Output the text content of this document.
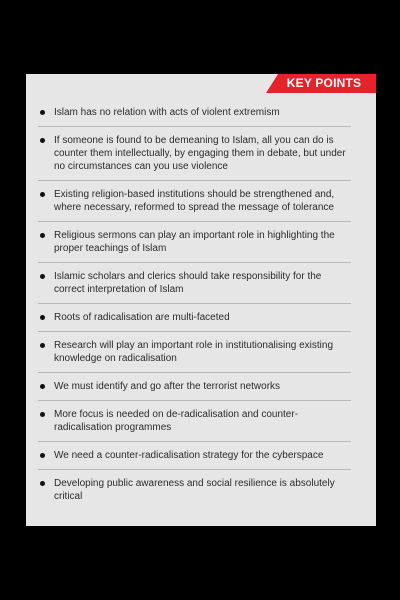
KEY POINTS
Islam has no relation with acts of violent extremism
If someone is found to be demeaning to Islam, all you can do is counter them intellectually, by engaging them in debate, but under no circumstances can you use violence
Existing religion-based institutions should be strengthened and, where necessary, reformed to spread the message of tolerance
Religious sermons can play an important role in highlighting the proper teachings of Islam
Islamic scholars and clerics should take responsibility for the correct interpretation of Islam
Roots of radicalisation are multi-faceted
Research will play an important role in institutionalising existing knowledge on radicalisation
We must identify and go after the terrorist networks
More focus is needed on de-radicalisation and counter-radicalisation programmes
We need a counter-radicalisation strategy for the cyberspace
Developing public awareness and social resilience is absolutely critical
